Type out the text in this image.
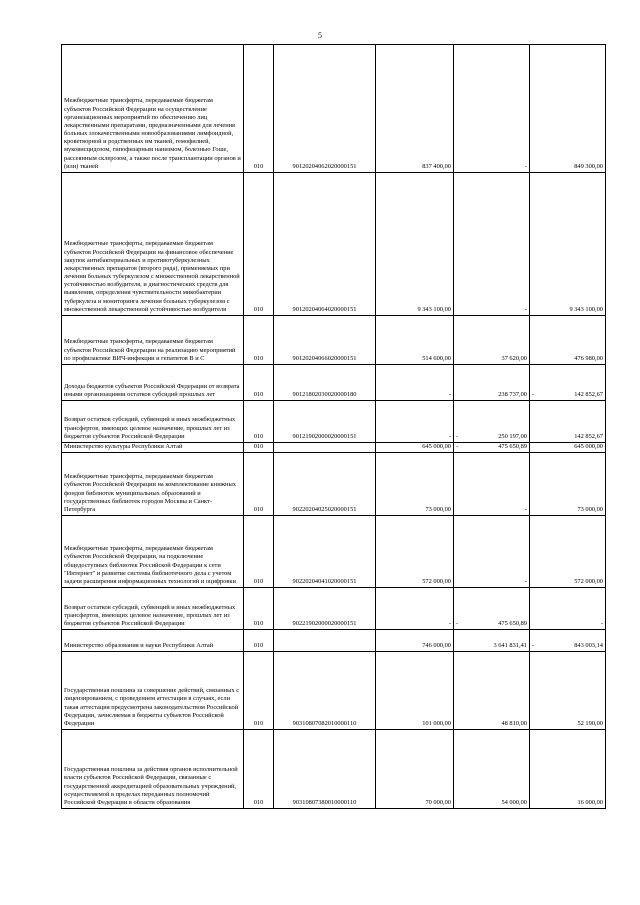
5
Межбюджетные трансферты, передаваемые бюджетам субъектов Российской Федерации на осуществление организационных мероприятий по обеспечению лиц лекарственными препаратами, предназначенными для лечения больных злокачественными новообразованиями лимфоидной, кроветворной и родственных им тканей, гемофилией, муковисцидозом, гипофизарным нанизмом, болезнью Гоше, рассеянным склерозом, а также после трансплантации органов и (или) тканей	010	90120204062020000151	837 400,00	-	849 300,00
Межбюджетные трансферты, передаваемые бюджетам субъектов Российской Федерации на финансовое обеспечение закупок антибактериальных и противотуберкулезных лекарственных препаратов (второго ряда), применяемых при лечении больных туберкулезом с множественной лекарственной устойчивостью возбудителя, и диагностических средств для выявления, определения чувствительности микобактерии туберкулеза и мониторинга лечения больных туберкулезом с множественной лекарственной устойчивостью возбудителя	010	90120204064020000151	9 343 100,00	-	9 343 100,00
Межбюджетные трансферты, передаваемые бюджетам субъектов Российской Федерации на реализацию мероприятий по профилактике ВИЧ-инфекции и гепатитов В и С	010	90120204066020000151	514 600,00	37 620,00	476 980,00
Доходы бюджетов субъектов Российской Федерации от возврата иными организациями остатков субсидий прошлых лет	010	90121802030020000180	-	238 737,00	- 142 852,67
Возврат остатков субсидий, субвенций и иных межбюджетных трансфертов, имеющих целевое назначение, прошлых лет из бюджетов субъектов Российской Федерации	010	90121902000020000151	-	- 250 197,00	142 852,67
Министерство культуры Республики Алтай	010		645 000,00	- 475 650,89	645 000,00
Межбюджетные трансферты, передаваемые бюджетам субъектов Российской Федерации на комплектование книжных фондов библиотек муниципальных образований и государственных библиотек городов Москвы и Санкт-Петербурга	010	90220204025020000151	73 000,00	-	73 000,00
Межбюджетные трансферты, передаваемые бюджетам субъектов Российской Федерации, на подключение общедоступных библиотек Российской Федерации к сети "Интернет" и развитие системы библиотечного дела с учетом задачи расширения информационных технологий и оцифровки	010	90220204041020000151	572 000,00	-	572 000,00
Возврат остатков субсидий, субвенций и иных межбюджетных трансфертов, имеющих целевое назначение, прошлых лет из бюджетов субъектов Российской Федерации	010	90221902000020000151	-	- 475 650,89	-
Министерство образования и науки Республики Алтай	010		746 000,00	3 641 831,41	- 843 003,14
Государственная пошлина за совершение действий, связанных с лицензированием, с проведением аттестации в случаях, если такая аттестация предусмотрена законодательством Российской Федерации, зачисляемая в бюджеты субъектов Российской Федерации	010	90310807082010000110	101 000,00	48 810,00	52 190,00
Государственная пошлина за действия органов исполнительной власти субъектов Российской Федерации, связанные с государственной аккредитацией образовательных учреждений, осуществляемой в пределах переданных полномочий Российской Федерации в области образования	010	90310807380010000110	70 000,00	54 000,00	16 000,00
